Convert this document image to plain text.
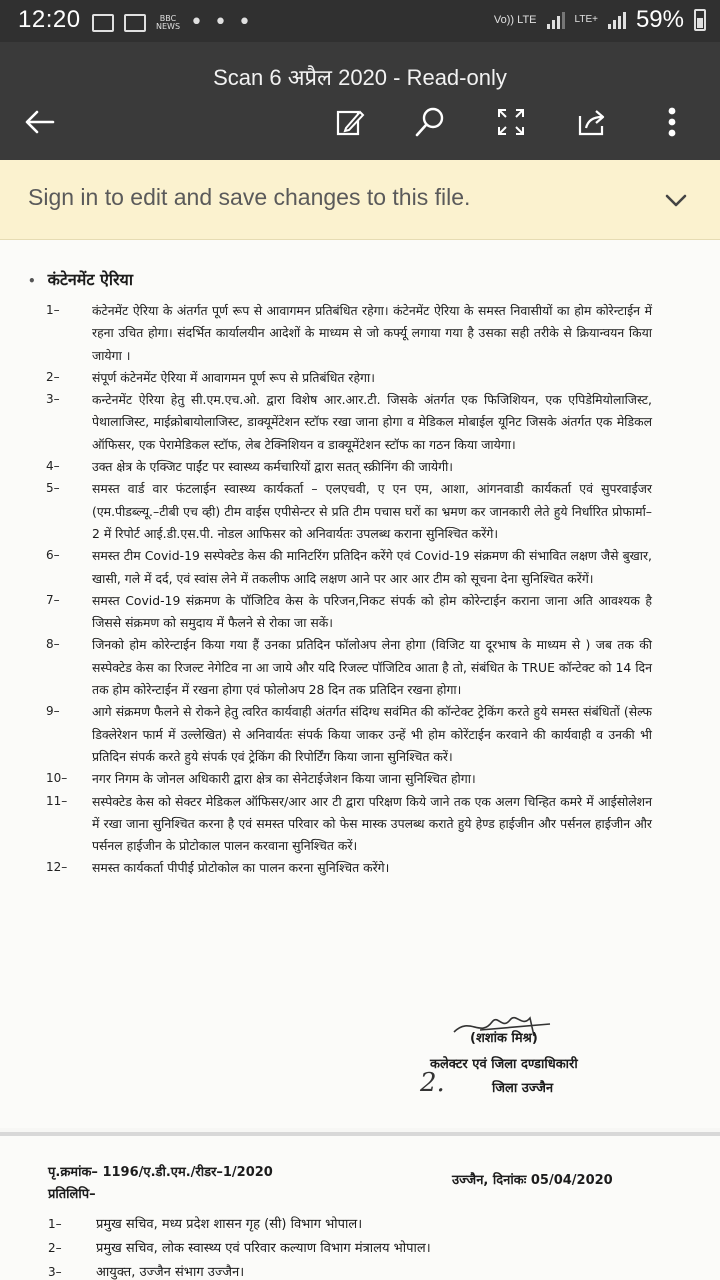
12:20	BBC NEWS • • •	Vo)) LTE	LTE+ 59%
Scan 6 अप्रैल 2020 - Read-only
Sign in to edit and save changes to this file.
• कंटेनमेंट ऐरिया
1–	कंटेनमेंट ऐरिया के अंतर्गत पूर्ण रूप से आवागमन प्रतिबंधित रहेगा। कंटेनमेंट ऐरिया के समस्त निवासीयों का होम कोरेन्टाईन में रहना उचित होगा। संदर्भित कार्यालयीन आदेशों के माध्यम से जो कर्फ्यू लगाया गया है उसका सही तरीके से क्रियान्वयन किया जायेगा ।
2–	संपूर्ण कंटेनमेंट ऐरिया में आवागमन पूर्ण रूप से प्रतिबंधित रहेगा।
3–	कन्टेनमेंट ऐरिया हेतु सी.एम.एच.ओ. द्वारा विशेष आर.आर.टी. जिसके अंतर्गत एक फिजिशियन, एक एपिडेमियोलाजिस्ट, पेथालाजिस्ट, माईक्रोबायोलाजिस्ट, डाक्यूमेंटेशन स्टॉफ रखा जाना होगा व मेडिकल मोबाईल यूनिट जिसके अंतर्गत एक मेडिकल ऑफिसर, एक पेरामेडिकल स्टॉफ, लेब टेक्निशियन व डाक्यूमेंटेशन स्टॉफ का गठन किया जायेगा।
4–	उक्त क्षेत्र के एक्जिट पाईंट पर स्वास्थ्य कर्मचारियों द्वारा सतत् स्क्रीनिंग की जायेगी।
5–	समस्त वार्ड वार फंटलाईन स्वास्थ्य कार्यकर्ता – एलएचवी, ए एन एम, आशा, आंगनवाडी कार्यकर्ता एवं सुपरवाईजर (एम.पीडब्ल्यू.–टीबी एच व्ही) टीम वाईस एपीसेन्टर से प्रति टीम पचास घरों का भ्रमण कर जानकारी लेते हुये निर्धारित प्रोफार्मा–2 में रिपोर्ट आई.डी.एस.पी. नोडल आफिसर को अनिवार्यतः उपलब्ध कराना सुनिश्चित करेंगे।
6–	समस्त टीम Covid-19 सस्पेक्टेड केस की मानिटरिंग प्रतिदिन करेंगे एवं Covid-19 संक्रमण की संभावित लक्षण जैसे बुखार, खासी, गले में दर्द, एवं स्वांस लेने में तकलीफ आदि लक्षण आने पर आर आर टीम को सूचना देना सुनिश्चित करेंगें।
7–	समस्त Covid-19 संक्रमण के पॉजिटिव केस के परिजन,निकट संपर्क को होम कोरेन्टाईन कराना जाना अति आवश्यक है जिससे संक्रमण को समुदाय में फैलने से रोका जा सकें।
8–	जिनको होम कोरेन्टाईन किया गया हैं उनका प्रतिदिन फॉलोअप लेना होगा (विजिट या दूरभाष के माध्यम से ) जब तक की सस्पेक्टेड केस का रिजल्ट नेगेटिव ना आ जाये और यदि रिजल्ट पॉजिटिव आता है तो, संबंधित के TRUE कॉन्टेक्ट को 14 दिन तक होम कोरेन्टाईन में रखना होगा एवं फोलोअप 28 दिन तक प्रतिदिन रखना होगा।
9–	आगे संक्रमण फैलने से रोकने हेतु त्वरित कार्यवाही अंतर्गत संदिग्ध सवंमित की कॉन्टेक्ट ट्रेकिंग करते हुये समस्त संबंधितों (सेल्फ डिक्लेरेशन फार्म में उल्लेखित) से अनिवार्यतः संपर्क किया जाकर उन्हें भी होम कोरेंटाईन करवाने की कार्यवाही व उनकी भी प्रतिदिन संपर्क करते हुये संपर्क एवं ट्रेकिंग की रिपोर्टिंग किया जाना सुनिश्चित करें।
10–	नगर निगम के जोनल अधिकारी द्वारा क्षेत्र का सेनेटाईजेशन किया जाना सुनिश्चित होगा।
11–	सस्पेक्टेड केस को सेक्टर मेडिकल ऑफिसर/आर आर टी द्वारा परिक्षण किये जाने तक एक अलग चिन्हित कमरे में आईसोलेशन में रखा जाना सुनिश्चित करना है एवं समस्त परिवार को फेस मास्क उपलब्ध कराते हुये हेण्ड हाईजीन और पर्सनल हाईजीन और पर्सनल हाईजीन के प्रोटोकाल पालन करवाना सुनिश्चित करें।
12–	समस्त कार्यकर्ता पीपीई प्रोटोकोल का पालन करना सुनिश्चित करेंगे।
(शशांक मिश्र)
2.
कलेक्टर एवं जिला दण्डाधिकारी
जिला उज्जैन
पृ.क्रमांक– 1196/ए.डी.एम./रीडर–1/2020
उज्जैन, दिनांकः 05/04/2020
प्रतिलिपि–
1–	प्रमुख सचिव, मध्य प्रदेश शासन गृह (सी) विभाग भोपाल।
2–	प्रमुख सचिव, लोक स्वास्थ्य एवं परिवार कल्याण विभाग मंत्रालय भोपाल।
3–	आयुक्त, उज्जैन संभाग उज्जैन।
